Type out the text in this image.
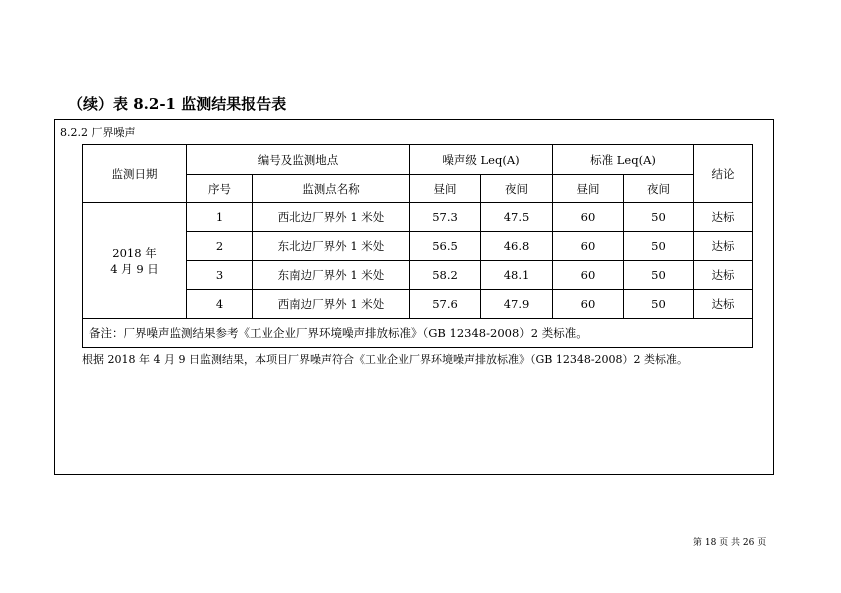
（续）表 8.2-1 监测结果报告表
8.2.2 厂界噪声
监测日期	编号及监测地点		噪声级 Leq(A)		标准 Leq(A)		结论
	序号	监测点名称	昼间	夜间	昼间	夜间	
2018 年
4 月 9 日	1	西北边厂界外 1 米处	57.3	47.5	60	50	达标
	2	东北边厂界外 1 米处	56.5	46.8	60	50	达标
	3	东南边厂界外 1 米处	58.2	48.1	60	50	达标
	4	西南边厂界外 1 米处	57.6	47.9	60	50	达标
备注：厂界噪声监测结果参考《工业企业厂界环境噪声排放标准》（GB 12348-2008）2 类标准。							
根据 2018 年 4 月 9 日监测结果，本项目厂界噪声符合《工业企业厂界环境噪声排放标准》（GB 12348-2008）2 类标准。
第 18 页 共 26 页
